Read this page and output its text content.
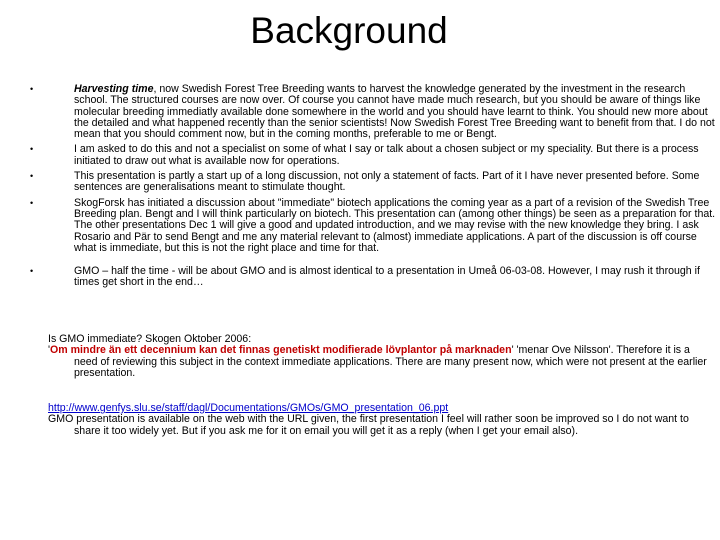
Background
•	Harvesting time, now Swedish Forest Tree Breeding wants to harvest the knowledge generated by the investment in the research school. The structured courses are now over. Of course you cannot have made much research, but you should be aware of things like molecular breeding immediatly available done somewhere in the world and you should have learnt to think. You should new more about the detailed and what happened recently than the senior scientists! Now Swedish Forest Tree Breeding want to benefit from that. I do not mean that you should comment now, but in the coming months, preferable to me or Bengt.
•	I am asked to do this and not a specialist on some of what I say or talk about a chosen subject or my speciality. But there is a process initiated to draw out what is available now for operations.
•	This presentation is partly a start up of a long discussion, not only a statement of facts. Part of it I have never presented before. Some sentences are generalisations meant to stimulate thought.
•	SkogForsk has initiated a discussion about "immediate" biotech applications the coming year as a part of a revision of the Swedish Tree Breeding plan. Bengt and I will think particularly on biotech. This presentation can (among other things) be seen as a preparation for that. The other presentations Dec 1 will give a good and updated introduction, and we may revise with the new knowledge they bring. I ask Rosario and Pär to send Bengt and me any material relevant to (almost) immediate applications. A part of the discussion is off course what is immediate, but this is not the right place and time for that.
•	GMO – half the time - will be about GMO and is almost identical to a presentation in Umeå 06-03-08. However, I may rush it through if times get short in the end…

Is GMO immediate? Skogen Oktober 2006:

'Om mindre än ett decennium kan det finnas genetiskt modifierade lövplantor på marknaden' 'menar Ove Nilsson'. Therefore it is a need of reviewing this subject in the context immediate applications. There are many present now, which were not present at the earlier presentation.

http://www.genfys.slu.se/staff/dagl/Documentations/GMOs/GMO_presentation_06.ppt

GMO presentation is available on the web with the URL given, the first presentation I feel will rather soon be improved so I do not want to share it too widely yet. But if you ask me for it on email you will get it as a reply (when I get your email also).
